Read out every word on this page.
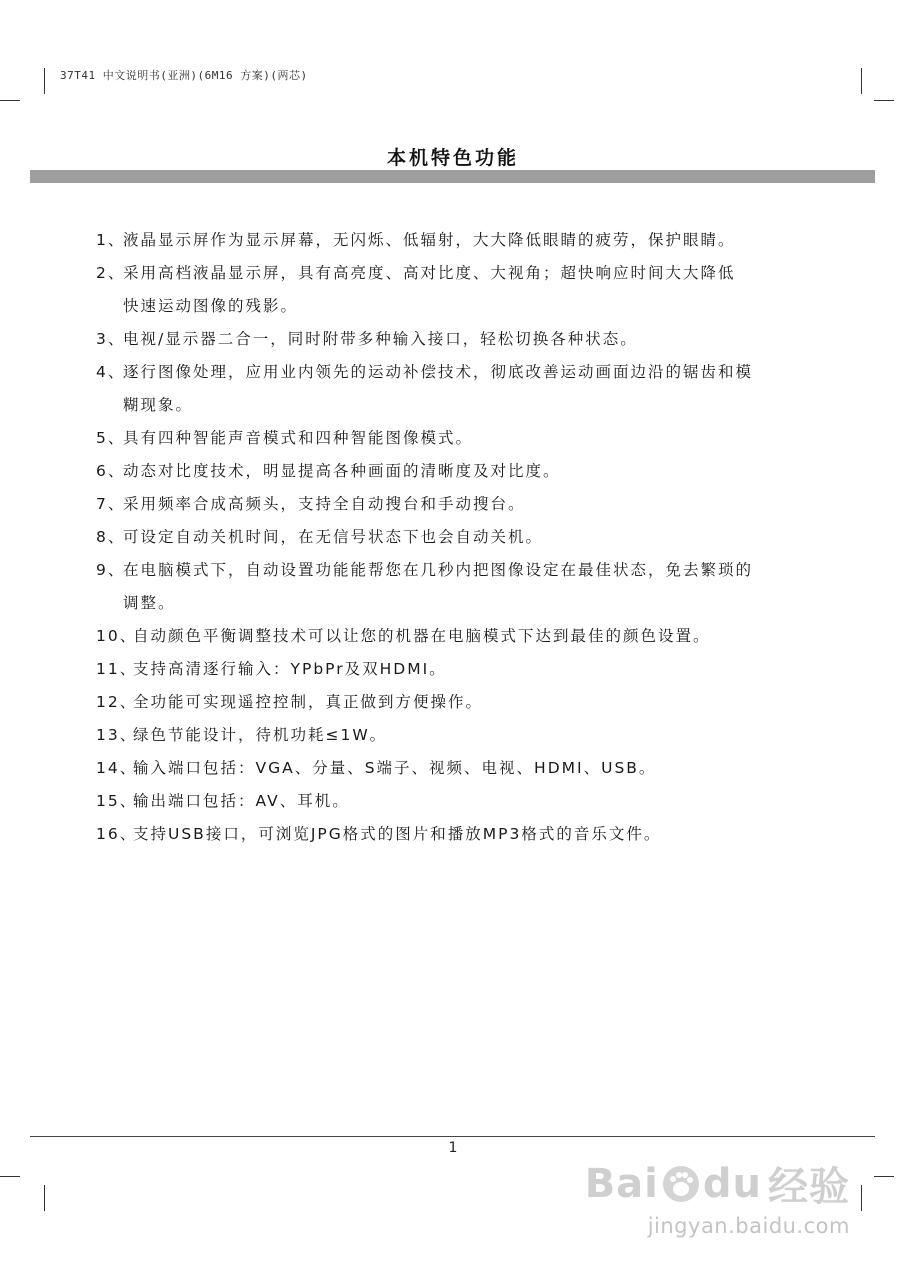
37T41 中文说明书(亚洲)(6M16 方案)(两芯)
本机特色功能
1、
液晶显示屏作为显示屏幕，无闪烁、低辐射，大大降低眼睛的疲劳，保护眼睛。
2、
采用高档液晶显示屏，具有高亮度、高对比度、大视角；超快响应时间大大降低
快速运动图像的残影。
3、
电视/显示器二合一，同时附带多种输入接口，轻松切换各种状态。
4、
逐行图像处理，应用业内领先的运动补偿技术，彻底改善运动画面边沿的锯齿和模
糊现象。
5、
具有四种智能声音模式和四种智能图像模式。
6、
动态对比度技术，明显提高各种画面的清晰度及对比度。
7、
采用频率合成高频头，支持全自动搜台和手动搜台。
8、
可设定自动关机时间，在无信号状态下也会自动关机。
9、
在电脑模式下，自动设置功能能帮您在几秒内把图像设定在最佳状态，免去繁琐的
调整。
10、
自动颜色平衡调整技术可以让您的机器在电脑模式下达到最佳的颜色设置。
11、
支持高清逐行输入：YPbPr及双HDMI。
12、
全功能可实现遥控控制，真正做到方便操作。
13、
绿色节能设计，待机功耗≤1W。
14、
输入端口包括：VGA、分量、S端子、视频、电视、HDMI、USB。
15、
输出端口包括：AV、耳机。
16、
支持USB接口，可浏览JPG格式的图片和播放MP3格式的音乐文件。
1
Bai du 经验
jingyan.baidu.com
